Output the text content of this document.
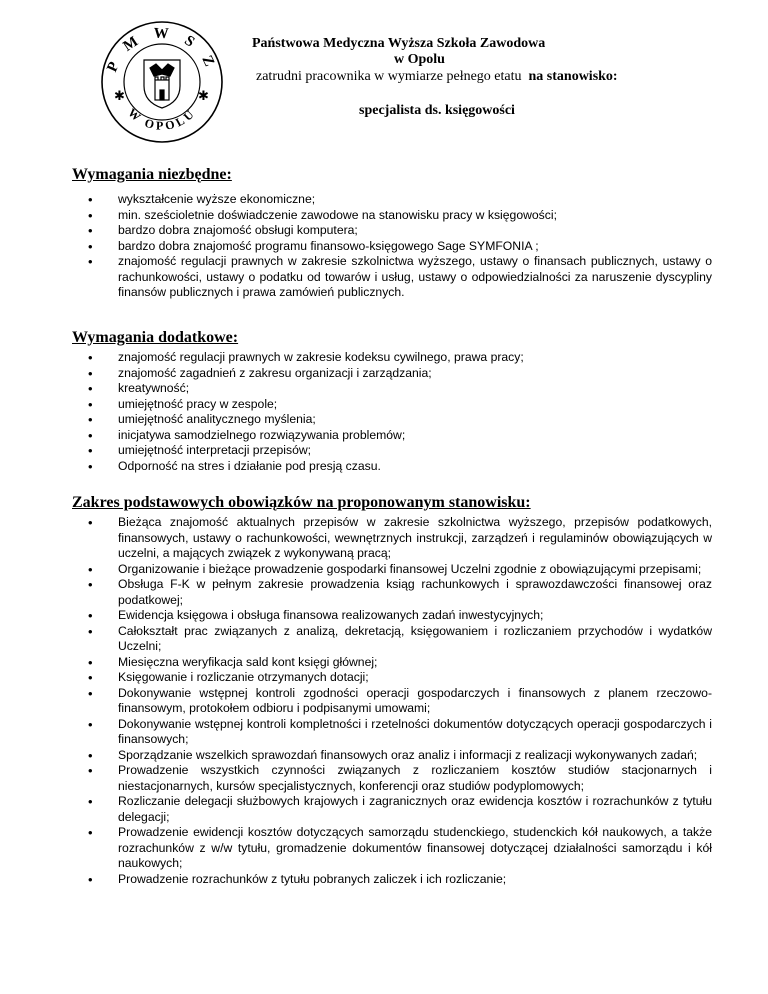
P M W S Z
W OPOLU
✱	✱
Państwowa Medyczna Wyższa Szkoła Zawodowa
w Opolu
zatrudni pracownika w wymiarze pełnego etatu na stanowisko:
specjalista ds. księgowości
Wymagania niezbędne:
• wykształcenie wyższe ekonomiczne;
• min. sześcioletnie doświadczenie zawodowe na stanowisku pracy w księgowości;
• bardzo dobra znajomość obsługi komputera;
• bardzo dobra znajomość programu finansowo-księgowego Sage SYMFONIA ;
• znajomość regulacji prawnych w zakresie szkolnictwa wyższego, ustawy o finansach publicznych, ustawy o rachunkowości, ustawy o podatku od towarów i usług, ustawy o odpowiedzialności za naruszenie dyscypliny finansów publicznych i prawa zamówień publicznych.
Wymagania dodatkowe:
• znajomość regulacji prawnych w zakresie kodeksu cywilnego, prawa pracy;
• znajomość zagadnień z zakresu organizacji i zarządzania;
• kreatywność;
• umiejętność pracy w zespole;
• umiejętność analitycznego myślenia;
• inicjatywa samodzielnego rozwiązywania problemów;
• umiejętność interpretacji przepisów;
• Odporność na stres i działanie pod presją czasu.
Zakres podstawowych obowiązków na proponowanym stanowisku:
• Bieżąca znajomość aktualnych przepisów w zakresie szkolnictwa wyższego, przepisów podatkowych, finansowych, ustawy o rachunkowości, wewnętrznych instrukcji, zarządzeń i regulaminów obowiązujących w uczelni, a mających związek z wykonywaną pracą;
• Organizowanie i bieżące prowadzenie gospodarki finansowej Uczelni zgodnie z obowiązującymi przepisami;
• Obsługa F-K w pełnym zakresie prowadzenia ksiąg rachunkowych i sprawozdawczości finansowej oraz podatkowej;
• Ewidencja księgowa i obsługa finansowa realizowanych zadań inwestycyjnych;
• Całokształt prac związanych z analizą, dekretacją, księgowaniem i rozliczaniem przychodów i wydatków Uczelni;
• Miesięczna weryfikacja sald kont księgi głównej;
• Księgowanie i rozliczanie otrzymanych dotacji;
• Dokonywanie wstępnej kontroli zgodności operacji gospodarczych i finansowych z planem rzeczowo-finansowym, protokołem odbioru i podpisanymi umowami;
• Dokonywanie wstępnej kontroli kompletności i rzetelności dokumentów dotyczących operacji gospodarczych i finansowych;
• Sporządzanie wszelkich sprawozdań finansowych oraz analiz i informacji z realizacji wykonywanych zadań;
• Prowadzenie wszystkich czynności związanych z rozliczaniem kosztów studiów stacjonarnych i niestacjonarnych, kursów specjalistycznych, konferencji oraz studiów podyplomowych;
• Rozliczanie delegacji służbowych krajowych i zagranicznych oraz ewidencja kosztów i rozrachunków z tytułu delegacji;
• Prowadzenie ewidencji kosztów dotyczących samorządu studenckiego, studenckich kół naukowych, a także rozrachunków z w/w tytułu, gromadzenie dokumentów finansowej dotyczącej działalności samorządu i kół naukowych;
• Prowadzenie rozrachunków z tytułu pobranych zaliczek i ich rozliczanie;
